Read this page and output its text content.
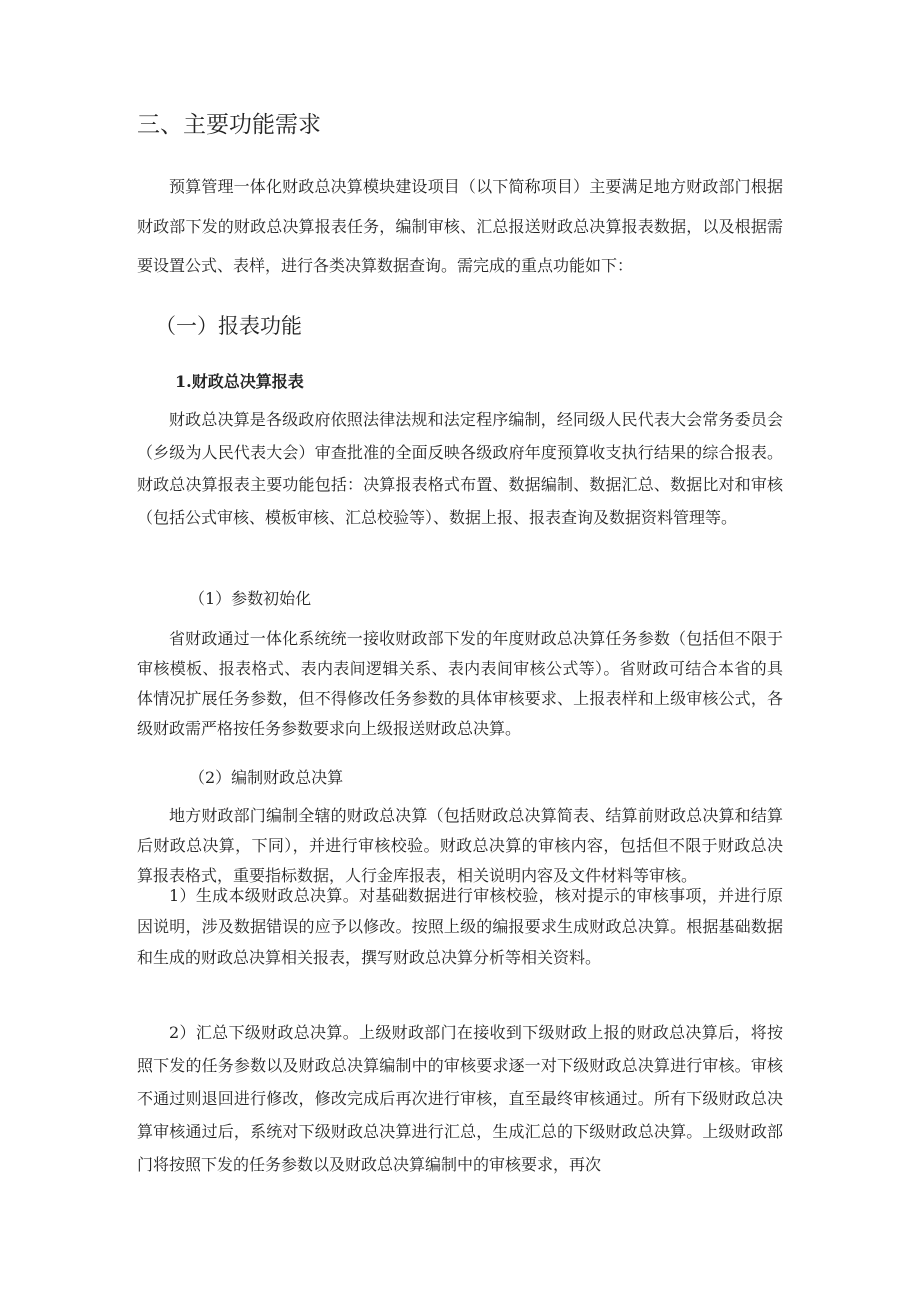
三、主要功能需求
预算管理一体化财政总决算模块建设项目（以下简称项目）主要满足地方财政部门根据财政部下发的财政总决算报表任务，编制审核、汇总报送财政总决算报表数据，以及根据需要设置公式、表样，进行各类决算数据查询。需完成的重点功能如下：
（一）报表功能
1.财政总决算报表
财政总决算是各级政府依照法律法规和法定程序编制，经同级人民代表大会常务委员会（乡级为人民代表大会）审查批准的全面反映各级政府年度预算收支执行结果的综合报表。财政总决算报表主要功能包括：决算报表格式布置、数据编制、数据汇总、数据比对和审核（包括公式审核、模板审核、汇总校验等）、数据上报、报表查询及数据资料管理等。
（1）参数初始化
省财政通过一体化系统统一接收财政部下发的年度财政总决算任务参数（包括但不限于审核模板、报表格式、表内表间逻辑关系、表内表间审核公式等）。省财政可结合本省的具体情况扩展任务参数，但不得修改任务参数的具体审核要求、上报表样和上级审核公式，各级财政需严格按任务参数要求向上级报送财政总决算。
（2）编制财政总决算
地方财政部门编制全辖的财政总决算（包括财政总决算简表、结算前财政总决算和结算后财政总决算，下同），并进行审核校验。财政总决算的审核内容，包括但不限于财政总决算报表格式，重要指标数据，人行金库报表，相关说明内容及文件材料等审核。
1）生成本级财政总决算。对基础数据进行审核校验，核对提示的审核事项，并进行原因说明，涉及数据错误的应予以修改。按照上级的编报要求生成财政总决算。根据基础数据和生成的财政总决算相关报表，撰写财政总决算分析等相关资料。
2）汇总下级财政总决算。上级财政部门在接收到下级财政上报的财政总决算后，将按照下发的任务参数以及财政总决算编制中的审核要求逐一对下级财政总决算进行审核。审核不通过则退回进行修改，修改完成后再次进行审核，直至最终审核通过。所有下级财政总决算审核通过后，系统对下级财政总决算进行汇总，生成汇总的下级财政总决算。上级财政部门将按照下发的任务参数以及财政总决算编制中的审核要求，再次
